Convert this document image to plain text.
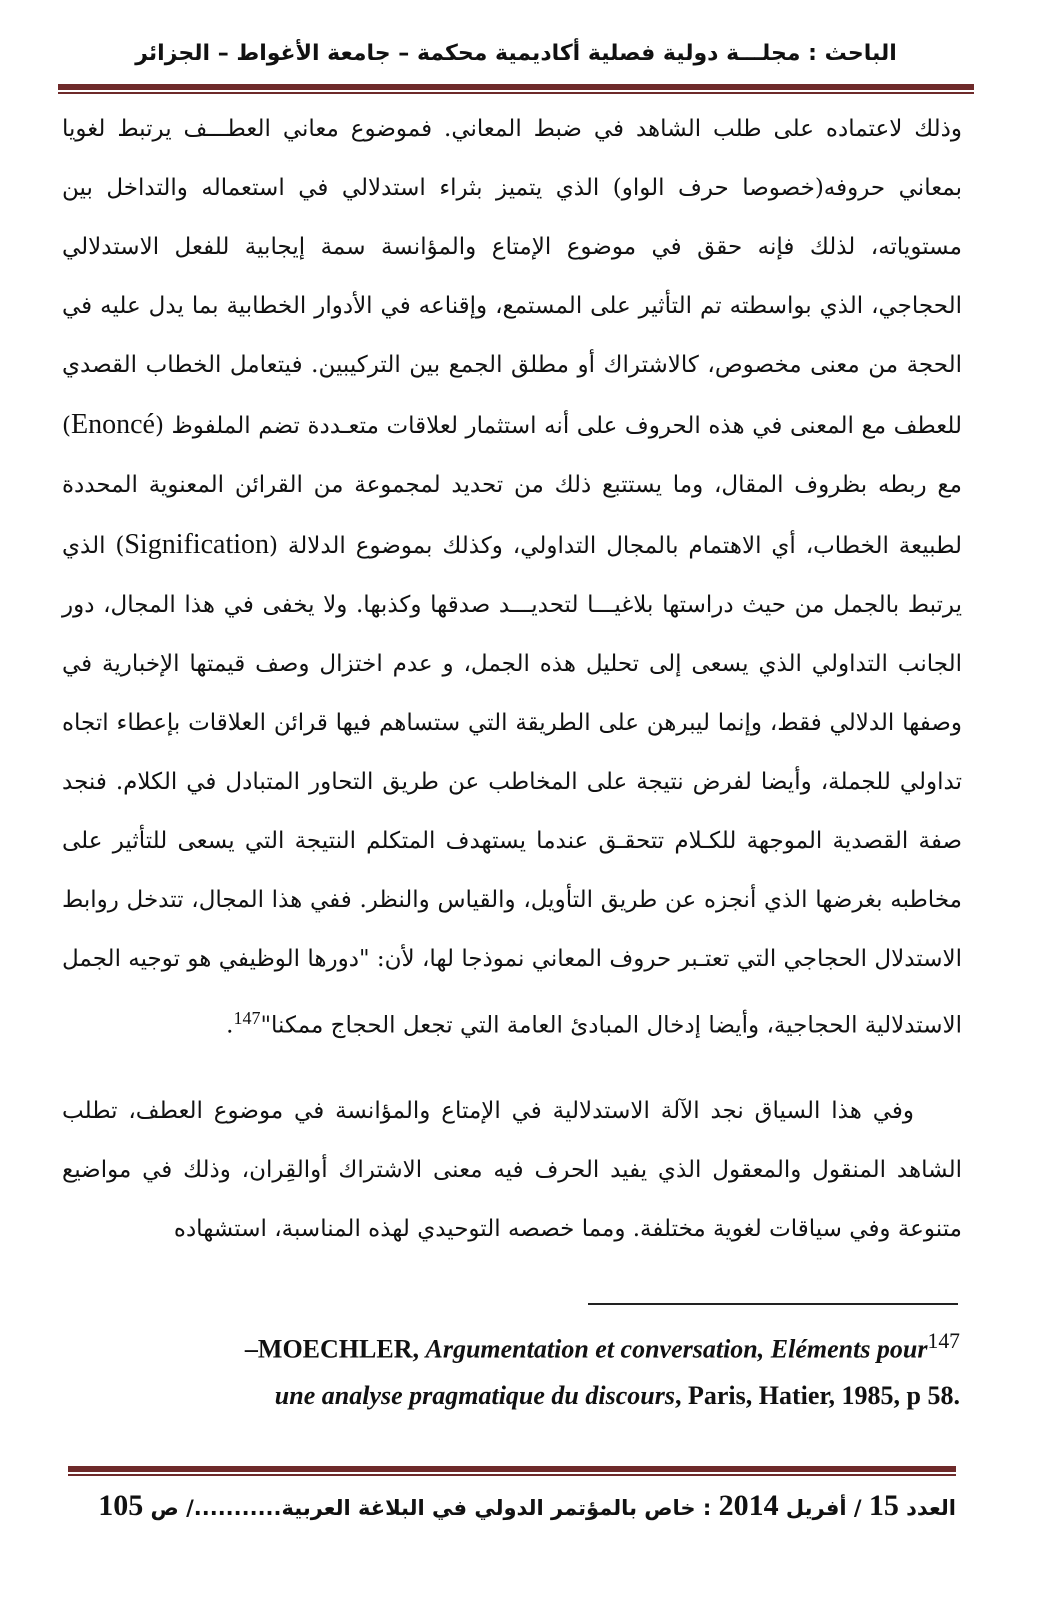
الباحث : مجلـــة دولية فصلية أكاديمية محكمة – جامعة الأغواط – الجزائر

وذلك لاعتماده على طلب الشاهد في ضبط المعاني. فموضوع معاني العطـــف يرتبط لغويا بمعاني حروفه(خصوصا حرف الواو) الذي يتميز بثراء استدلالي في استعماله والتداخل بين مستوياته، لذلك فإنه حقق في موضوع الإمتاع والمؤانسة سمة إيجابية للفعل الاستدلالي الحجاجي، الذي بواسطته تم التأثير على المستمع، وإقناعه في الأدوار الخطابية بما يدل عليه في الحجة من معنى مخصوص، كالاشتراك أو مطلق الجمع بين التركيبين. فيتعامل الخطاب القصدي للعطف مع المعنى في هذه الحروف على أنه استثمار لعلاقات متعـددة تضم الملفوظ (Enoncé) مع ربطه بظروف المقال، وما يستتبع ذلك من تحديد لمجموعة من القرائن المعنوية المحددة لطبيعة الخطاب، أي الاهتمام بالمجال التداولي، وكذلك بموضوع الدلالة (Signification) الذي يرتبط بالجمل من حيث دراستها بلاغيـــا لتحديـــد صدقها وكذبها. ولا يخفى في هذا المجال، دور الجانب التداولي الذي يسعى إلى تحليل هذه الجمل، و عدم اختزال وصف قيمتها الإخبارية في وصفها الدلالي فقط، وإنما ليبرهن على الطريقة التي ستساهم فيها قرائن العلاقات بإعطاء اتجاه تداولي للجملة، وأيضا لفرض نتيجة على المخاطب عن طريق التحاور المتبادل في الكلام. فنجد صفة القصدية الموجهة للكـلام تتحقـق عندما يستهدف المتكلم النتيجة التي يسعى للتأثير على مخاطبه بغرضها الذي أنجزه عن طريق التأويل، والقياس والنظر. ففي هذا المجال، تتدخل روابط الاستدلال الحجاجي التي تعتـبر حروف المعاني نموذجا لها، لأن: "دورها الوظيفي هو توجيه الجمل الاستدلالية الحجاجية، وأيضا إدخال المبادئ العامة التي تجعل الحجاج ممكنا"$^{147}$.

وفي هذا السياق نجد الآلة الاستدلالية في الإمتاع والمؤانسة في موضوع العطف، تطلب الشاهد المنقول والمعقول الذي يفيد الحرف فيه معنى الاشتراك أوالقِران، وذلك في مواضيع متنوعة وفي سياقات لغوية مختلفة. ومما خصصه التوحيدي لهذه المناسبة، استشهاده

–MOECHLER, Argumentation et conversation, Eléments pour$^{147}$
une analyse pragmatique du discours, Paris, Hatier, 1985, p 58.
العدد 15 / أفريل 2014 : خاص بالمؤتمر الدولي في البلاغة العربية.........../ ص 105
